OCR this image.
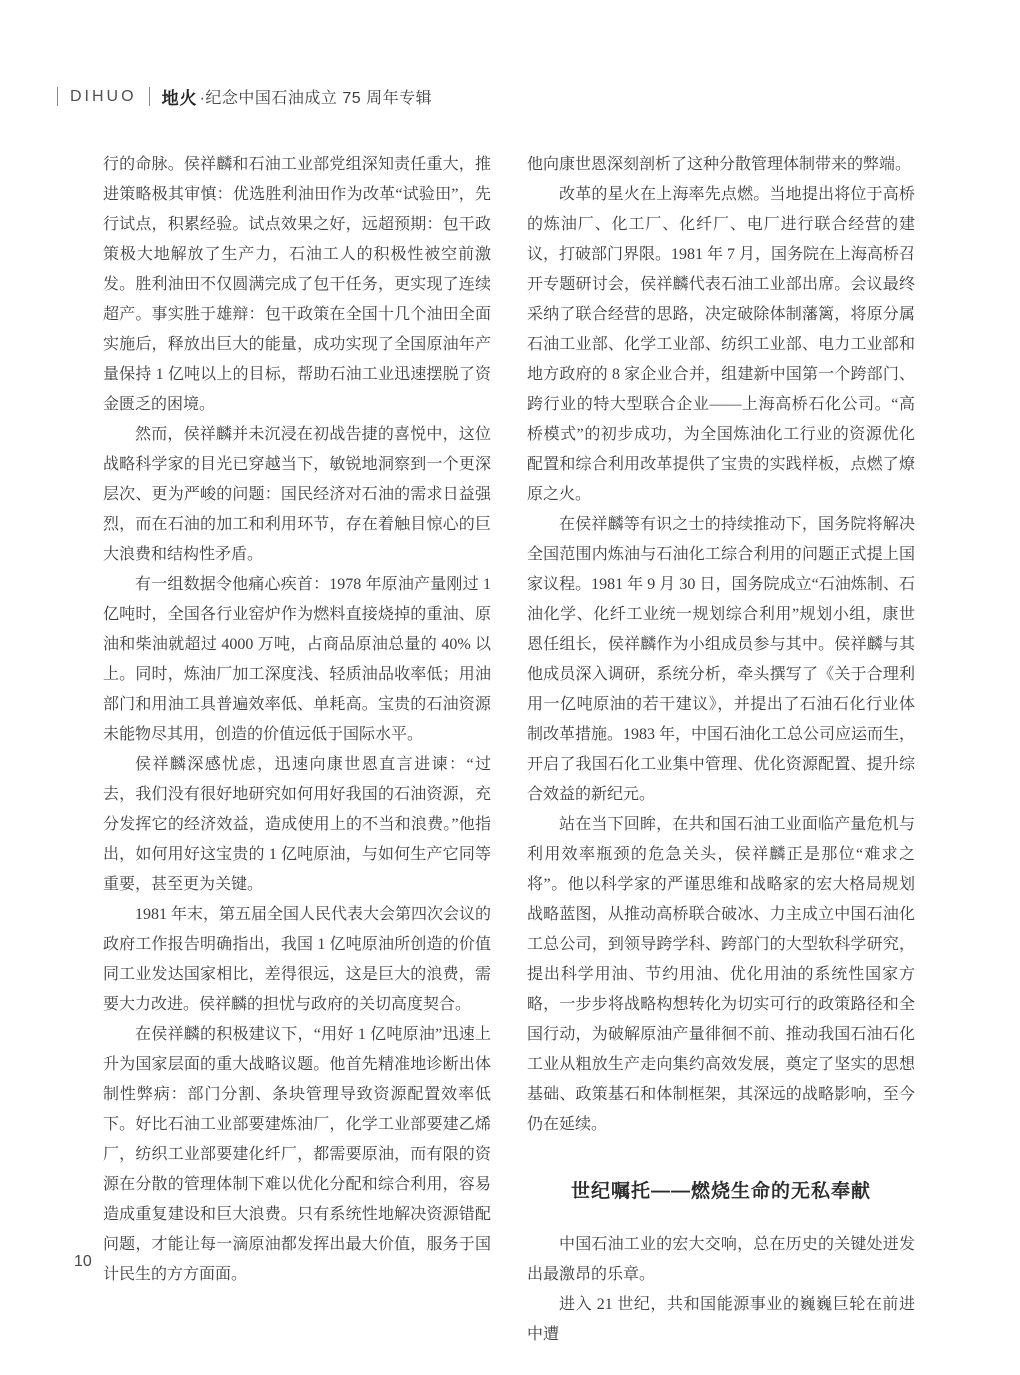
DIHUO 地火 ·纪念中国石油成立 75 周年专辑

行的命脉。侯祥麟和石油工业部党组深知责任重大，推进策略极其审慎：优选胜利油田作为改革“试验田”，先行试点，积累经验。试点效果之好，远超预期：包干政策极大地解放了生产力，石油工人的积极性被空前激发。胜利油田不仅圆满完成了包干任务，更实现了连续超产。事实胜于雄辩：包干政策在全国十几个油田全面实施后，释放出巨大的能量，成功实现了全国原油年产量保持 1 亿吨以上的目标，帮助石油工业迅速摆脱了资金匮乏的困境。

然而，侯祥麟并未沉浸在初战告捷的喜悦中，这位战略科学家的目光已穿越当下，敏锐地洞察到一个更深层次、更为严峻的问题：国民经济对石油的需求日益强烈，而在石油的加工和利用环节，存在着触目惊心的巨大浪费和结构性矛盾。

有一组数据令他痛心疾首：1978 年原油产量刚过 1 亿吨时，全国各行业窑炉作为燃料直接烧掉的重油、原油和柴油就超过 4000 万吨，占商品原油总量的 40% 以上。同时，炼油厂加工深度浅、轻质油品收率低；用油部门和用油工具普遍效率低、单耗高。宝贵的石油资源未能物尽其用，创造的价值远低于国际水平。

侯祥麟深感忧虑，迅速向康世恩直言进谏：“过去，我们没有很好地研究如何用好我国的石油资源，充分发挥它的经济效益，造成使用上的不当和浪费。”他指出，如何用好这宝贵的 1 亿吨原油，与如何生产它同等重要，甚至更为关键。

1981 年末，第五届全国人民代表大会第四次会议的政府工作报告明确指出，我国 1 亿吨原油所创造的价值同工业发达国家相比，差得很远，这是巨大的浪费，需要大力改进。侯祥麟的担忧与政府的关切高度契合。

在侯祥麟的积极建议下，“用好 1 亿吨原油”迅速上升为国家层面的重大战略议题。他首先精准地诊断出体制性弊病：部门分割、条块管理导致资源配置效率低下。好比石油工业部要建炼油厂，化学工业部要建乙烯厂，纺织工业部要建化纤厂，都需要原油，而有限的资源在分散的管理体制下难以优化分配和综合利用，容易造成重复建设和巨大浪费。只有系统性地解决资源错配问题，才能让每一滴原油都发挥出最大价值，服务于国计民生的方方面面。

他向康世恩深刻剖析了这种分散管理体制带来的弊端。

改革的星火在上海率先点燃。当地提出将位于高桥的炼油厂、化工厂、化纤厂、电厂进行联合经营的建议，打破部门界限。1981 年 7 月，国务院在上海高桥召开专题研讨会，侯祥麟代表石油工业部出席。会议最终采纳了联合经营的思路，决定破除体制藩篱，将原分属石油工业部、化学工业部、纺织工业部、电力工业部和地方政府的 8 家企业合并，组建新中国第一个跨部门、跨行业的特大型联合企业——上海高桥石化公司。“高桥模式”的初步成功，为全国炼油化工行业的资源优化配置和综合利用改革提供了宝贵的实践样板，点燃了燎原之火。

在侯祥麟等有识之士的持续推动下，国务院将解决全国范围内炼油与石油化工综合利用的问题正式提上国家议程。1981 年 9 月 30 日，国务院成立“石油炼制、石油化学、化纤工业统一规划综合利用”规划小组，康世恩任组长，侯祥麟作为小组成员参与其中。侯祥麟与其他成员深入调研，系统分析，牵头撰写了《关于合理利用一亿吨原油的若干建议》，并提出了石油石化行业体制改革措施。1983 年，中国石油化工总公司应运而生，开启了我国石化工业集中管理、优化资源配置、提升综合效益的新纪元。

站在当下回眸，在共和国石油工业面临产量危机与利用效率瓶颈的危急关头，侯祥麟正是那位“难求之将”。他以科学家的严谨思维和战略家的宏大格局规划战略蓝图，从推动高桥联合破冰、力主成立中国石油化工总公司，到领导跨学科、跨部门的大型软科学研究，提出科学用油、节约用油、优化用油的系统性国家方略，一步步将战略构想转化为切实可行的政策路径和全国行动，为破解原油产量徘徊不前、推动我国石油石化工业从粗放生产走向集约高效发展，奠定了坚实的思想基础、政策基石和体制框架，其深远的战略影响，至今仍在延续。

世纪嘱托——燃烧生命的无私奉献

中国石油工业的宏大交响，总在历史的关键处迸发出最激昂的乐章。

进入 21 世纪，共和国能源事业的巍巍巨轮在前进中遭

10
